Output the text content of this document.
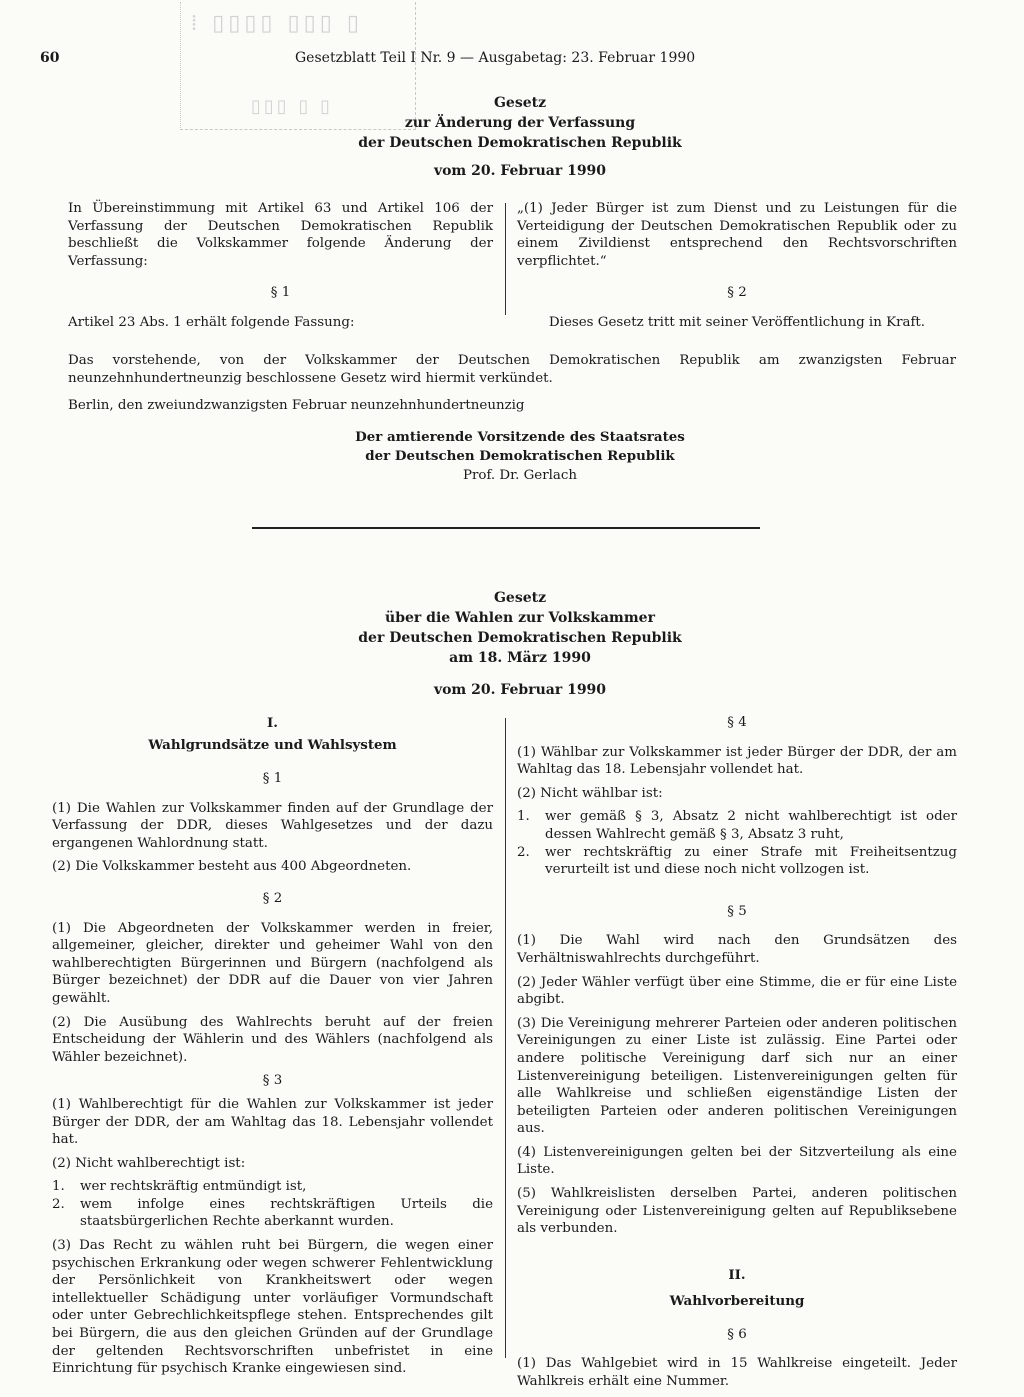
⁞ ▯▯▯▯ ▯▯▯ ▯
▯▯▯ ▯ ▯
60	Gesetzblatt Teil I Nr. 9 — Ausgabetag: 23. Februar 1990
Gesetz
zur Änderung der Verfassung
der Deutschen Demokratischen Republik
vom 20. Februar 1990

In Übereinstimmung mit Artikel 63 und Artikel 106 der Verfassung der Deutschen Demokratischen Republik beschließt die Volkskammer folgende Änderung der Verfassung:

§ 1

Artikel 23 Abs. 1 erhält folgende Fassung:

„(1) Jeder Bürger ist zum Dienst und zu Leistungen für die Verteidigung der Deutschen Demokratischen Republik oder zu einem Zivildienst entsprechend den Rechtsvorschriften verpflichtet.“

§ 2

Dieses Gesetz tritt mit seiner Veröffentlichung in Kraft.

Das vorstehende, von der Volkskammer der Deutschen Demokratischen Republik am zwanzigsten Februar neunzehnhundertneunzig beschlossene Gesetz wird hiermit verkündet.

Berlin, den zweiundzwanzigsten Februar neunzehnhundertneunzig

Der amtierende Vorsitzende des Staatsrates
der Deutschen Demokratischen Republik
Prof. Dr. Gerlach
Gesetz
über die Wahlen zur Volkskammer
der Deutschen Demokratischen Republik
am 18. März 1990
vom 20. Februar 1990
I.
Wahlgrundsätze und Wahlsystem
§ 1

(1) Die Wahlen zur Volkskammer finden auf der Grundlage der Verfassung der DDR, dieses Wahlgesetzes und der dazu ergangenen Wahlordnung statt.

(2) Die Volkskammer besteht aus 400 Abgeordneten.

§ 2

(1) Die Abgeordneten der Volkskammer werden in freier, allgemeiner, gleicher, direkter und geheimer Wahl von den wahlberechtigten Bürgerinnen und Bürgern (nachfolgend als Bürger bezeichnet) der DDR auf die Dauer von vier Jahren gewählt.

(2) Die Ausübung des Wahlrechts beruht auf der freien Entscheidung der Wählerin und des Wählers (nachfolgend als Wähler bezeichnet).

§ 3

(1) Wahlberechtigt für die Wahlen zur Volkskammer ist jeder Bürger der DDR, der am Wahltag das 18. Lebensjahr vollendet hat.

(2) Nicht wahlberechtigt ist:

1.	wer rechtskräftig entmündigt ist,
2.	wem infolge eines rechtskräftigen Urteils die staatsbürgerlichen Rechte aberkannt wurden.

(3) Das Recht zu wählen ruht bei Bürgern, die wegen einer psychischen Erkrankung oder wegen schwerer Fehlentwicklung der Persönlichkeit von Krankheitswert oder wegen intellektueller Schädigung unter vorläufiger Vormundschaft oder unter Gebrechlichkeitspflege stehen. Entsprechendes gilt bei Bürgern, die aus den gleichen Gründen auf der Grundlage der geltenden Rechtsvorschriften unbefristet in eine Einrichtung für psychisch Kranke eingewiesen sind.

§ 4

(1) Wählbar zur Volkskammer ist jeder Bürger der DDR, der am Wahltag das 18. Lebensjahr vollendet hat.

(2) Nicht wählbar ist:

1.	wer gemäß § 3, Absatz 2 nicht wahlberechtigt ist oder dessen Wahlrecht gemäß § 3, Absatz 3 ruht,
2.	wer rechtskräftig zu einer Strafe mit Freiheitsentzug verurteilt ist und diese noch nicht vollzogen ist.
§ 5

(1) Die Wahl wird nach den Grundsätzen des Verhältniswahlrechts durchgeführt.

(2) Jeder Wähler verfügt über eine Stimme, die er für eine Liste abgibt.

(3) Die Vereinigung mehrerer Parteien oder anderen politischen Vereinigungen zu einer Liste ist zulässig. Eine Partei oder andere politische Vereinigung darf sich nur an einer Listenvereinigung beteiligen. Listenvereinigungen gelten für alle Wahlkreise und schließen eigenständige Listen der beteiligten Parteien oder anderen politischen Vereinigungen aus.

(4) Listenvereinigungen gelten bei der Sitzverteilung als eine Liste.

(5) Wahlkreislisten derselben Partei, anderen politischen Vereinigung oder Listenvereinigung gelten auf Republiksebene als verbunden.

II.
Wahlvorbereitung
§ 6

(1) Das Wahlgebiet wird in 15 Wahlkreise eingeteilt. Jeder Wahlkreis erhält eine Nummer.
